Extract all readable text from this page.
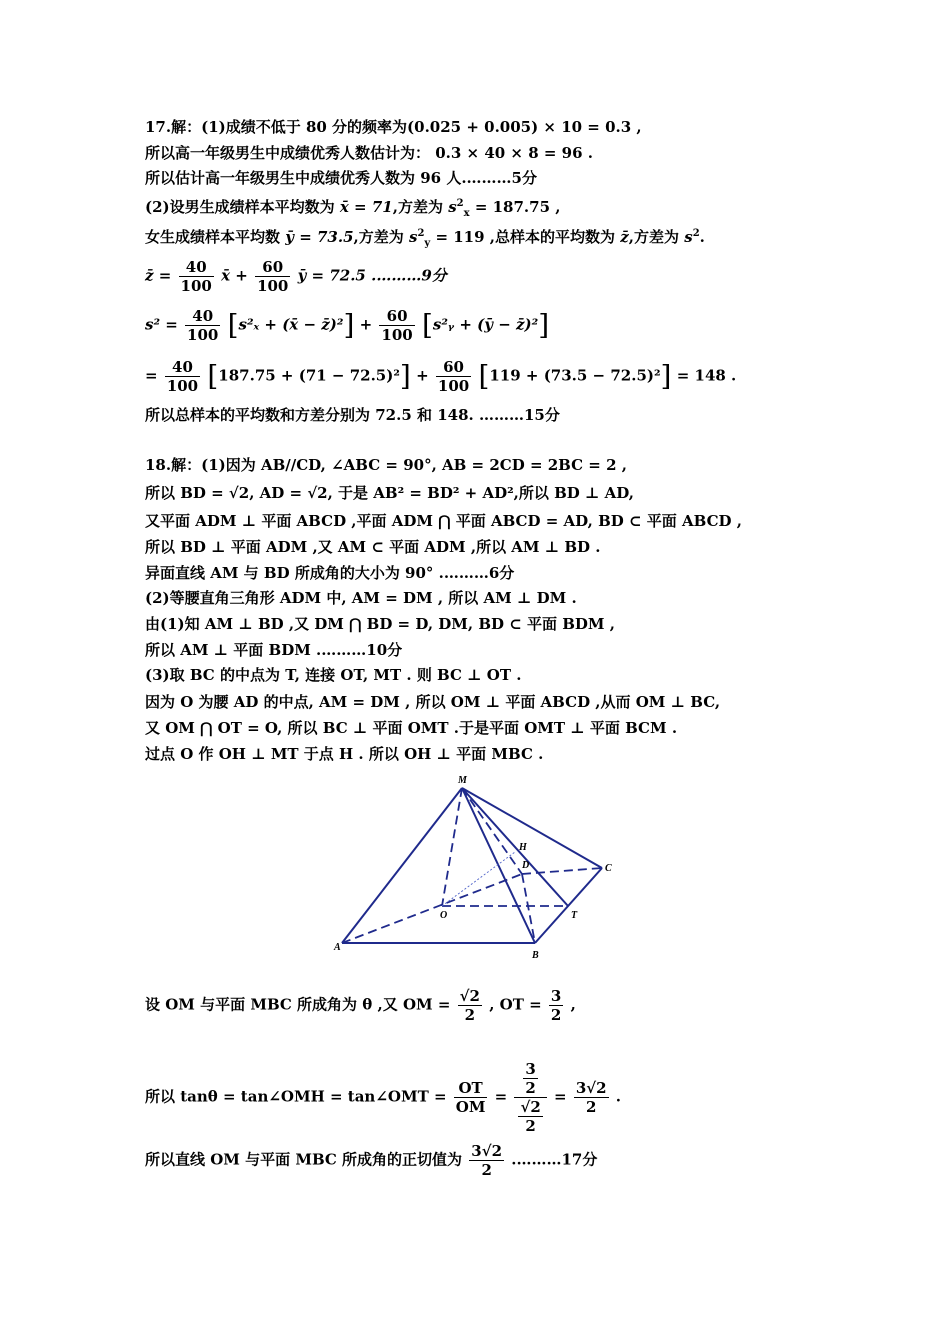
17.解：(1)成绩不低于 80 分的频率为(0.025 + 0.005) × 10 = 0.3 ,
所以高一年级男生中成绩优秀人数估计为： 0.3 × 40 × 8 = 96 .
所以估计高一年级男生中成绩优秀人数为 96 人.………5分
(2)设男生成绩样本平均数为 x̄ = 71,方差为 $s^2_x = 187.75$ ,
女生成绩样本平均数 ȳ = 73.5,方差为 $s^2_y = 119$ ,总样本的平均数为 z̄,方差为 $s^2$.
z̄ = $\frac{40}{100}$ x̄ + $\frac{60}{100}$ ȳ = 72.5 .………9分
$s^2 = \frac{40}{100} [s^2_x$ + (x̄ − z̄)²] + $\frac{60}{100}$ [s²ᵧ + (ȳ − z̄)²]
= $\frac{40}{100} [187.75 + (71 - 72.5)^2] + \frac{60}{100} [119 + (73.5 - 72.5)^2] = 148$ .
所以总样本的平均数和方差分别为 72.5 和 148. ………15分
18.解：(1)因为 AB//CD, ∠ABC = 90°, AB = 2CD = 2BC = 2 ,
所以 BD = √2, AD = √2, 于是 AB² = BD² + AD²,所以 BD ⊥ AD,
又平面 ADM ⊥ 平面 ABCD ,平面 ADM ⋂ 平面 ABCD = AD, BD ⊂ 平面 ABCD ,
所以 BD ⊥ 平面 ADM ,又 AM ⊂ 平面 ADM ,所以 AM ⊥ BD .
异面直线 AM 与 BD 所成角的大小为 90° .………6分
(2)等腰直角三角形 ADM 中, AM = DM , 所以 AM ⊥ DM .
由(1)知 AM ⊥ BD ,又 DM ⋂ BD = D, DM, BD ⊂ 平面 BDM ,
所以 AM ⊥ 平面 BDM .………10分
(3)取 BC 的中点为 T, 连接 OT, MT . 则 BC ⊥ OT .
因为 O 为腰 AD 的中点, AM = DM , 所以 OM ⊥ 平面 ABCD ,从而 OM ⊥ BC,
又 OM ⋂ OT = O, 所以 BC ⊥ 平面 OMT .于是平面 OMT ⊥ 平面 BCM .
过点 O 作 OH ⊥ MT 于点 H . 所以 OH ⊥ 平面 MBC .
M
H
D	C
O	T
A
B
设 OM 与平面 MBC 所成角为 θ ,又 OM = $\frac{√2}{2}$ , OT = $\frac{3}{2}$ ,
所以 tanθ = tan∠OMH = tan∠OMT = $\frac{OT}{OM} = \frac{\frac{3}{2}}{\frac{√2}{2}} = \frac{3√2}{2}$ .
所以直线 OM 与平面 MBC 所成角的正切值为 $\frac{3√2}{2}$ .………17分
